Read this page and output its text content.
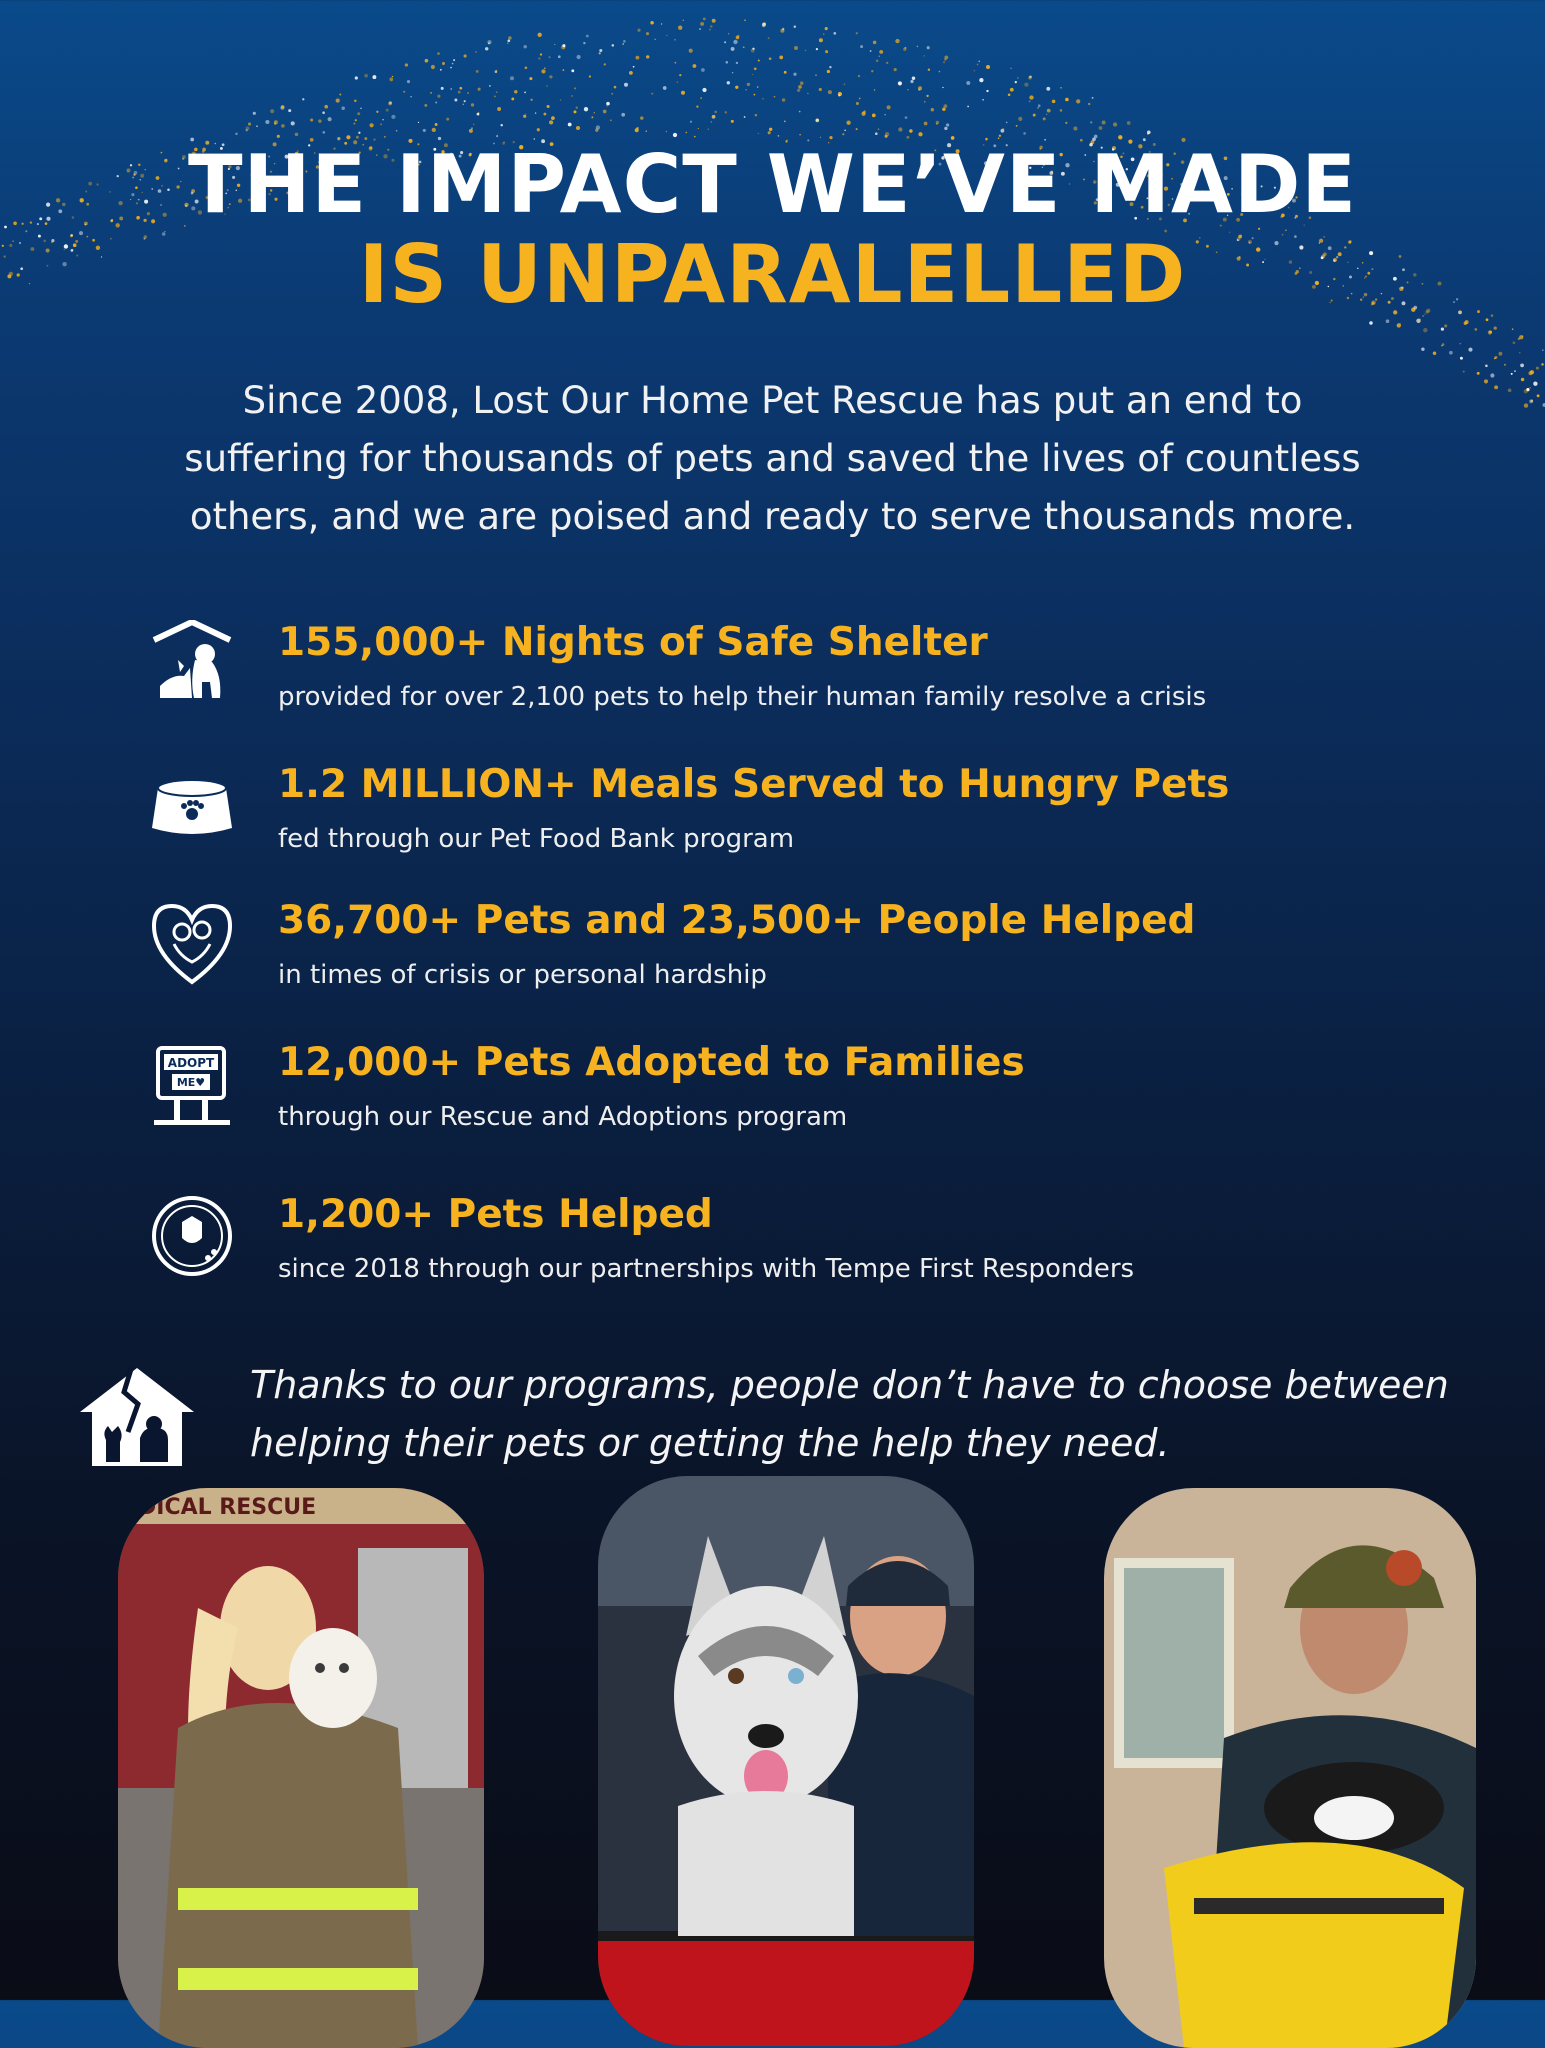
THE IMPACT WE’VE MADE
IS UNPARALELLED
Since 2008, Lost Our Home Pet Rescue has put an end to
suffering for thousands of pets and saved the lives of countless
others, and we are poised and ready to serve thousands more.
155,000+ Nights of Safe Shelter
provided for over 2,100 pets to help their human family resolve a crisis
1.2 MILLION+ Meals Served to Hungry Pets
fed through our Pet Food Bank program
36,700+ Pets and 23,500+ People Helped
in times of crisis or personal hardship
ADOPT
ME♥ 12,000+ Pets Adopted to Families
through our Rescue and Adoptions program
1,200+ Pets Helped
since 2018 through our partnerships with Tempe First Responders
Thanks to our programs, people don’t have to choose between
helping their pets or getting the help they need.
DICAL RESCUE
